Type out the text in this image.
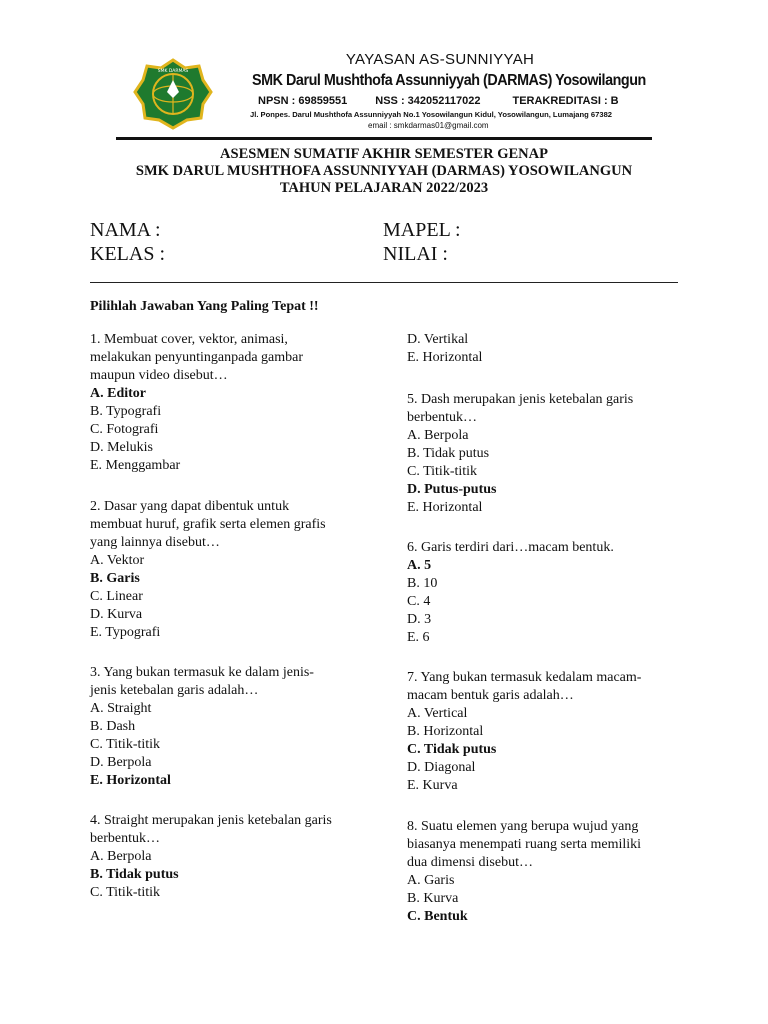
SMK DARMAS
YAYASAN AS-SUNNIYYAH
SMK Darul Mushthofa Assunniyyah (DARMAS) Yosowilangun
NPSN : 69859551	NSS : 342052117022	TERAKREDITASI : B
Jl. Ponpes. Darul Mushthofa Assunniyyah No.1 Yosowilangun Kidul, Yosowilangun, Lumajang 67382
email : smkdarmas01@gmail.com
ASESMEN SUMATIF AKHIR SEMESTER GENAP
SMK DARUL MUSHTHOFA ASSUNNIYYAH (DARMAS) YOSOWILANGUN
TAHUN PELAJARAN 2022/2023
NAMA :
KELAS :
MAPEL :
NILAI :
Pilihlah Jawaban Yang Paling Tepat !!
1. Membuat cover, vektor, animasi,
melakukan penyuntinganpada gambar
maupun video disebut…
A. Editor
B. Typografi
C. Fotografi
D. Melukis
E. Menggambar
2. Dasar yang dapat dibentuk untuk
membuat huruf, grafik serta elemen grafis
yang lainnya disebut…
A. Vektor
B. Garis
C. Linear
D. Kurva
E. Typografi
3. Yang bukan termasuk ke dalam jenis-
jenis ketebalan garis adalah…
A. Straight
B. Dash
C. Titik-titik
D. Berpola
E. Horizontal
4. Straight merupakan jenis ketebalan garis
berbentuk…
A. Berpola
B. Tidak putus
C. Titik-titik
D. Vertikal
E. Horizontal
5. Dash merupakan jenis ketebalan garis
berbentuk…
A. Berpola
B. Tidak putus
C. Titik-titik
D. Putus-putus
E. Horizontal
6. Garis terdiri dari…macam bentuk.
A. 5
B. 10
C. 4
D. 3
E. 6
7. Yang bukan termasuk kedalam macam-
macam bentuk garis adalah…
A. Vertical
B. Horizontal
C. Tidak putus
D. Diagonal
E. Kurva
8. Suatu elemen yang berupa wujud yang
biasanya menempati ruang serta memiliki
dua dimensi disebut…
A. Garis
B. Kurva
C. Bentuk
